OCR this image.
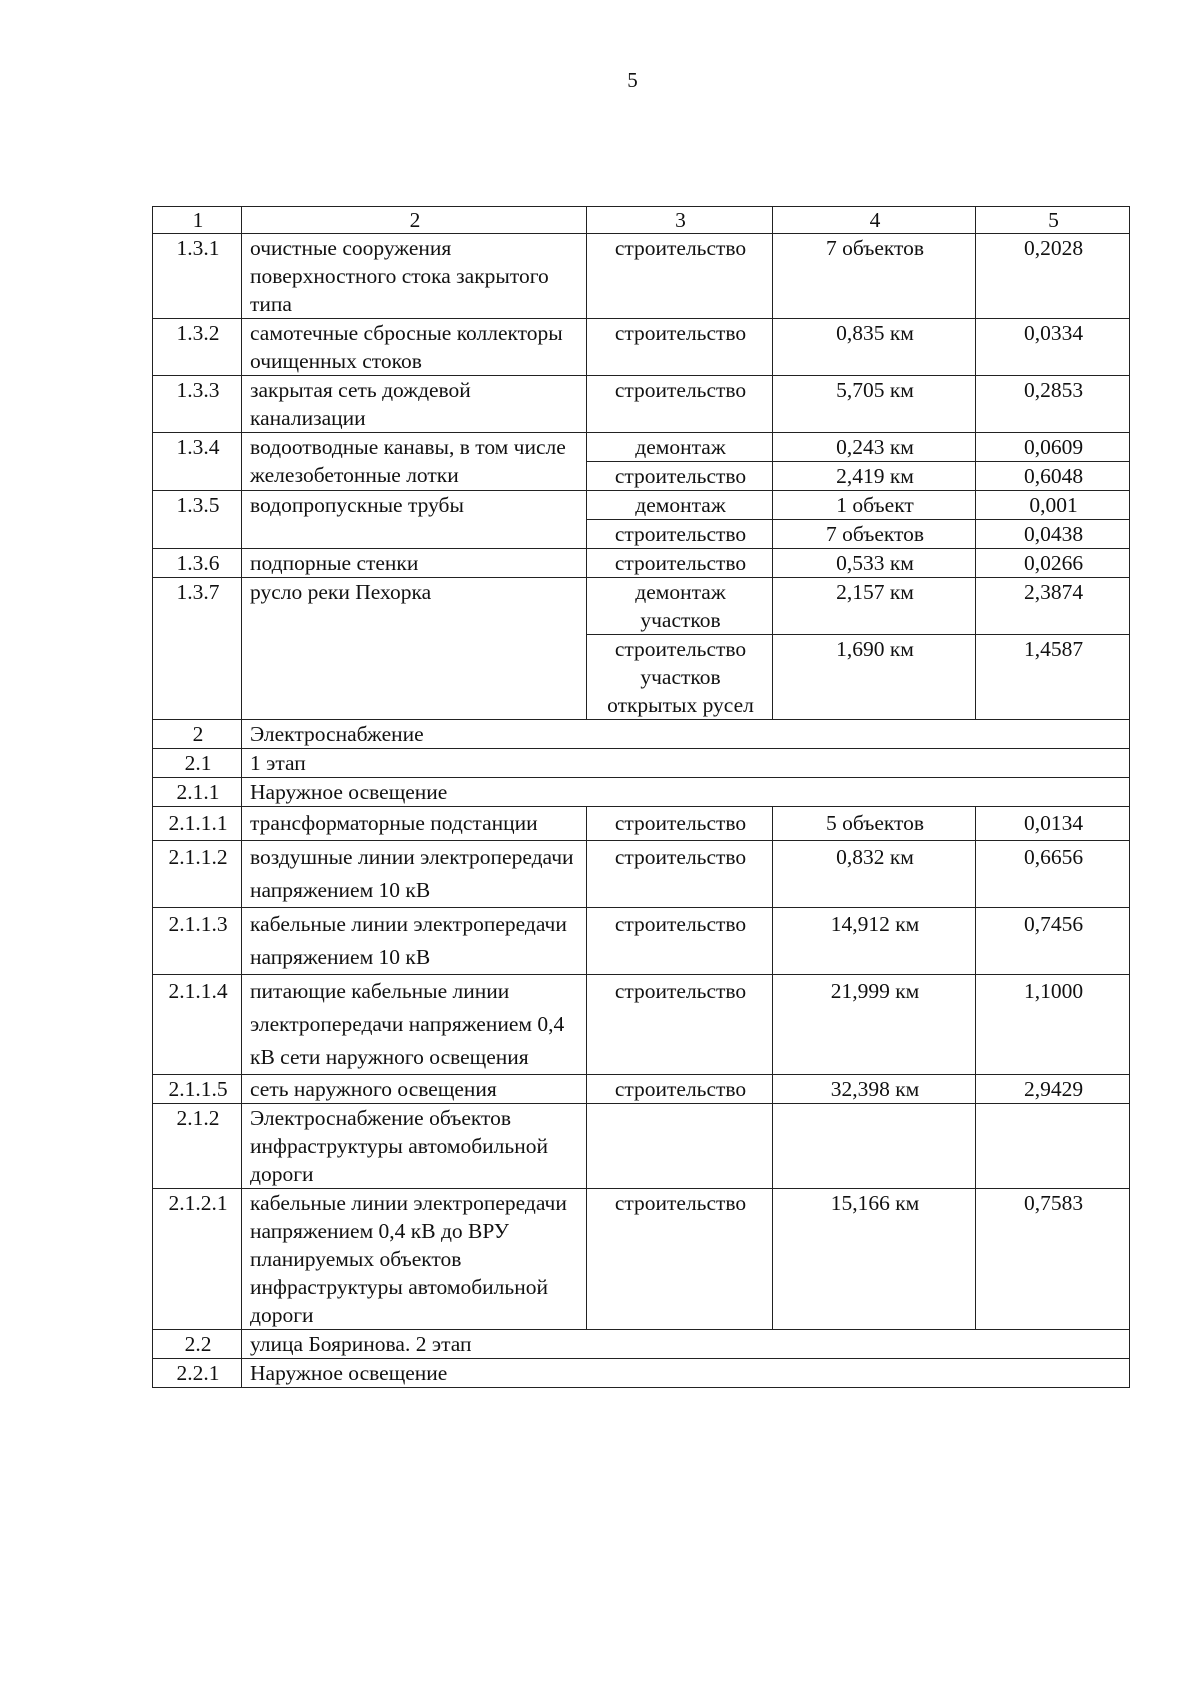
5
1	2	3	4	5
1.3.1	очистные сооружения поверхностного стока закрытого типа	строительство	7 объектов	0,2028
1.3.2	самотечные сбросные коллекторы очищенных стоков	строительство	0,835 км	0,0334
1.3.3	закрытая сеть дождевой канализации	строительство	5,705 км	0,2853
1.3.4	водоотводные канавы, в том числе железобетонные лотки	демонтаж	0,243 км	0,0609
		строительство	2,419 км	0,6048
1.3.5	водопропускные трубы	демонтаж	1 объект	0,001
		строительство	7 объектов	0,0438
1.3.6	подпорные стенки	строительство	0,533 км	0,0266
1.3.7	русло реки Пехорка	демонтаж участков	2,157 км	2,3874
		строительство участков открытых русел	1,690 км	1,4587
2	Электроснабжение			
2.1	1 этап			
2.1.1	Наружное освещение			
2.1.1.1	трансформаторные подстанции	строительство	5 объектов	0,0134
2.1.1.2	воздушные линии электропередачи напряжением 10 кВ	строительство	0,832 км	0,6656
2.1.1.3	кабельные линии электропередачи напряжением 10 кВ	строительство	14,912 км	0,7456
2.1.1.4	питающие кабельные линии электропередачи напряжением 0,4 кВ сети наружного освещения	строительство	21,999 км	1,1000
2.1.1.5	сеть наружного освещения	строительство	32,398 км	2,9429
2.1.2	Электроснабжение объектов инфраструктуры автомобильной дороги			
2.1.2.1	кабельные линии электропередачи напряжением 0,4 кВ до ВРУ планируемых объектов инфраструктуры автомобильной дороги	строительство	15,166 км	0,7583
2.2	улица Бояринова. 2 этап			
2.2.1	Наружное освещение			
